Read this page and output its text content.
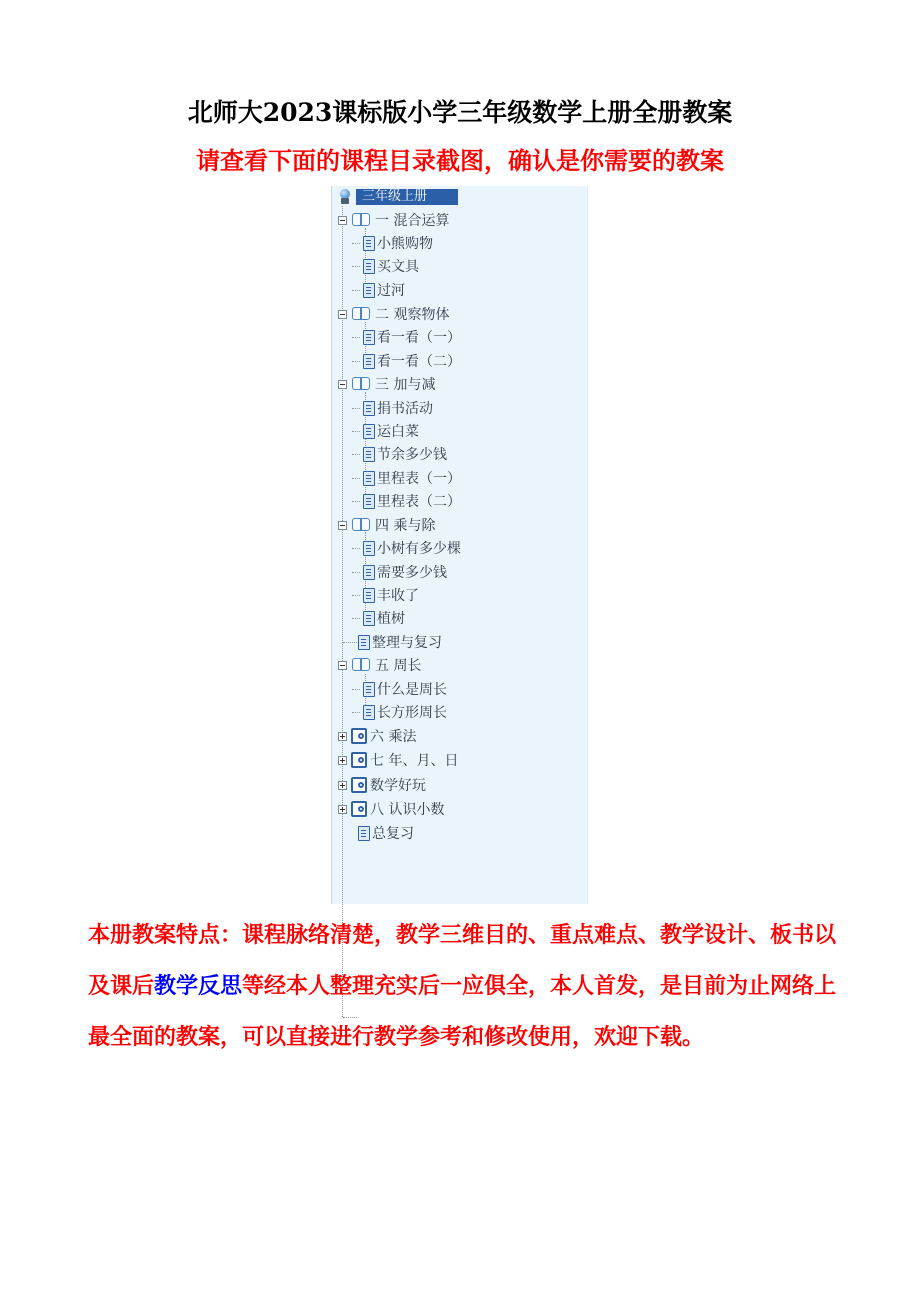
北师大2023课标版小学三年级数学上册全册教案
请查看下面的课程目录截图，确认是你需要的教案
三年级上册
一 混合运算
小熊购物
买文具
过河
二 观察物体
看一看（一）
看一看（二）
三 加与减
捐书活动
运白菜
节余多少钱
里程表（一）
里程表（二）
四 乘与除
小树有多少棵
需要多少钱
丰收了
植树
整理与复习
五 周长
什么是周长
长方形周长
六 乘法
七 年、月、日
数学好玩
八 认识小数
总复习

本册教案特点：课程脉络清楚，教学三维目的、重点难点、教学设计、板书以及课后教学反思等经本人整理充实后一应俱全，本人首发，是目前为止网络上最全面的教案，可以直接进行教学参考和修改使用，欢迎下载。
